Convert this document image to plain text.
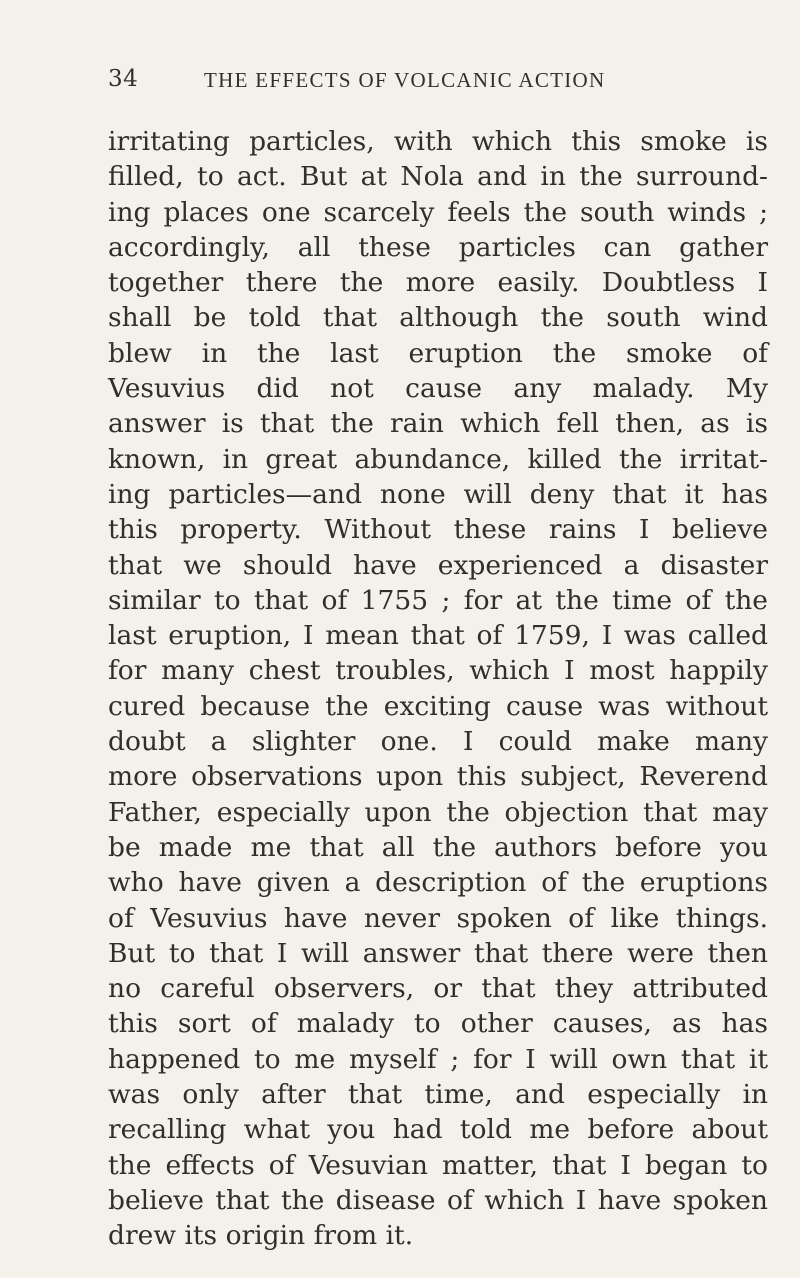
34	THE EFFECTS OF VOLCANIC ACTION
irritating particles, with which this smoke is
filled, to act. But at Nola and in the surround-
ing places one scarcely feels the south winds ;
accordingly, all these particles can gather
together there the more easily. Doubtless I
shall be told that although the south wind
blew in the last eruption the smoke of
Vesuvius did not cause any malady. My
answer is that the rain which fell then, as is
known, in great abundance, killed the irritat-
ing particles—and none will deny that it has
this property. Without these rains I believe
that we should have experienced a disaster
similar to that of 1755 ; for at the time of the
last eruption, I mean that of 1759, I was called
for many chest troubles, which I most happily
cured because the exciting cause was without
doubt a slighter one. I could make many
more observations upon this subject, Reverend
Father, especially upon the objection that may
be made me that all the authors before you
who have given a description of the eruptions
of Vesuvius have never spoken of like things.
But to that I will answer that there were then
no careful observers, or that they attributed
this sort of malady to other causes, as has
happened to me myself ; for I will own that it
was only after that time, and especially in
recalling what you had told me before about
the effects of Vesuvian matter, that I began to
believe that the disease of which I have spoken
drew its origin from it.
